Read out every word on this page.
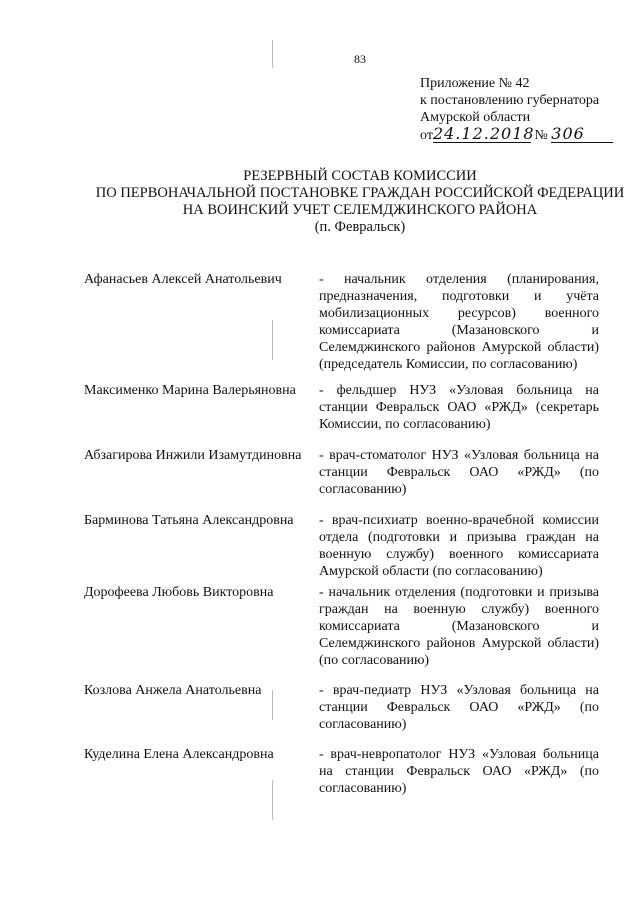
83
Приложение № 42
к постановлению губернатора
Амурской области
от24.12.2018 № 306
РЕЗЕРВНЫЙ СОСТАВ КОМИССИИ
ПО ПЕРВОНАЧАЛЬНОЙ ПОСТАНОВКЕ ГРАЖДАН РОССИЙСКОЙ ФЕДЕРАЦИИ
НА ВОИНСКИЙ УЧЕТ СЕЛЕМДЖИНСКОГО РАЙОНА
(п. Февральск)
Афанасьев Алексей Анатольевич	- начальник отделения (планирования, предназначения, подготовки и учёта мобилизационных ресурсов) военного комиссариата (Мазановского и Селемджинского районов Амурской области) (председатель Комиссии, по согласованию)
Максименко Марина Валерьяновна	- фельдшер НУЗ «Узловая больница на станции Февральск ОАО «РЖД» (секретарь Комиссии, по согласованию)
Абзагирова Инжили Изамутдиновна	- врач-стоматолог НУЗ «Узловая больница на станции Февральск ОАО «РЖД» (по согласованию)
Барминова Татьяна Александровна	- врач-психиатр военно-врачебной комиссии отдела (подготовки и призыва граждан на военную службу) военного комиссариата Амурской области (по согласованию)
Дорофеева Любовь Викторовна	- начальник отделения (подготовки и призыва граждан на военную службу) военного комиссариата (Мазановского и Селемджинского районов Амурской области) (по согласованию)
Козлова Анжела Анатольевна	- врач-педиатр НУЗ «Узловая больница на станции Февральск ОАО «РЖД» (по согласованию)
Куделина Елена Александровна	- врач-невропатолог НУЗ «Узловая больница на станции Февральск ОАО «РЖД» (по согласованию)
